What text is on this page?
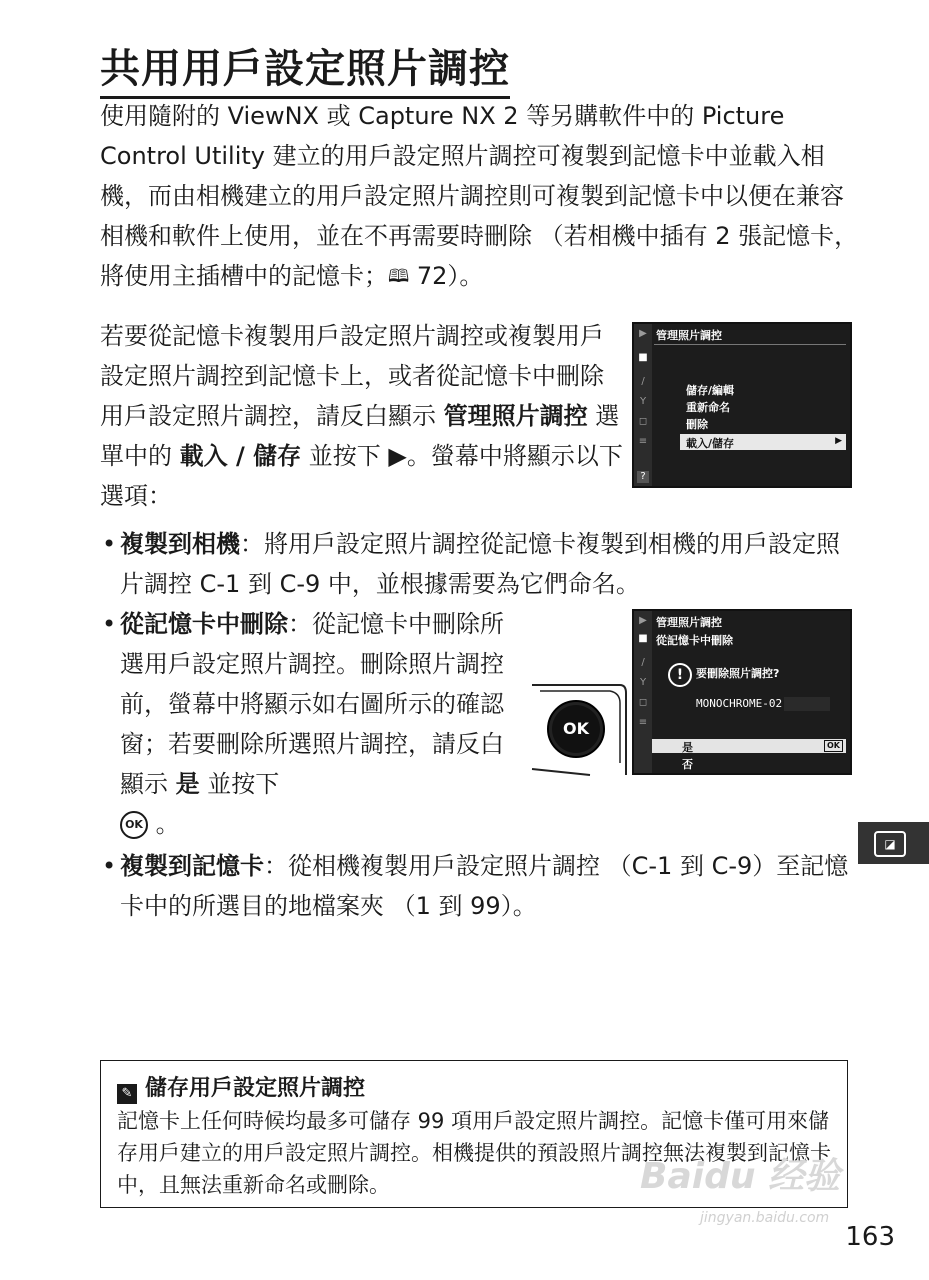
共用用戶設定照片調控

使用隨附的 ViewNX 或 Capture NX 2 等另購軟件中的 Picture Control Utility 建立的用戶設定照片調控可複製到記憶卡中並載入相機，而由相機建立的用戶設定照片調控則可複製到記憶卡中以便在兼容相機和軟件上使用，並在不再需要時刪除 （若相機中插有 2 張記憶卡，將使用主插槽中的記憶卡；🕮 72）。

若要從記憶卡複製用戶設定照片調控或複製用戶設定照片調控到記憶卡上，或者從記憶卡中刪除用戶設定照片調控，請反白顯示 管理照片調控 選單中的 載入 / 儲存 並按下 ▶。螢幕中將顯示以下選項：

▶
■
/
Y
◻
≡
?
管理照片調控
儲存/編輯
重新命名
刪除
載入/儲存	▶
• 複製到相機：將用戶設定照片調控從記憶卡複製到相機的用戶設定照片調控 C-1 到 C-9 中，並根據需要為它們命名。
• 從記憶卡中刪除：從記憶卡中刪除所選用戶設定照片調控。刪除照片調控前，螢幕中將顯示如右圖所示的確認窗；若要刪除所選照片調控，請反白顯示 是 並按下
OK 。
OK
▶
■
/
Y
◻
≡
管理照片調控
從記憶卡中刪除
!	要刪除照片調控?
MONOCHROME-02
是	OK
否
◪
• 複製到記憶卡：從相機複製用戶設定照片調控 （C-1 到 C-9）至記憶卡中的所選目的地檔案夾 （1 到 99）。
✎ 儲存用戶設定照片調控

記憶卡上任何時候均最多可儲存 99 項用戶設定照片調控。記憶卡僅可用來儲存用戶建立的用戶設定照片調控。相機提供的預設照片調控無法複製到記憶卡中，且無法重新命名或刪除。	Baidu 经验
jingyan.baidu.com
163
